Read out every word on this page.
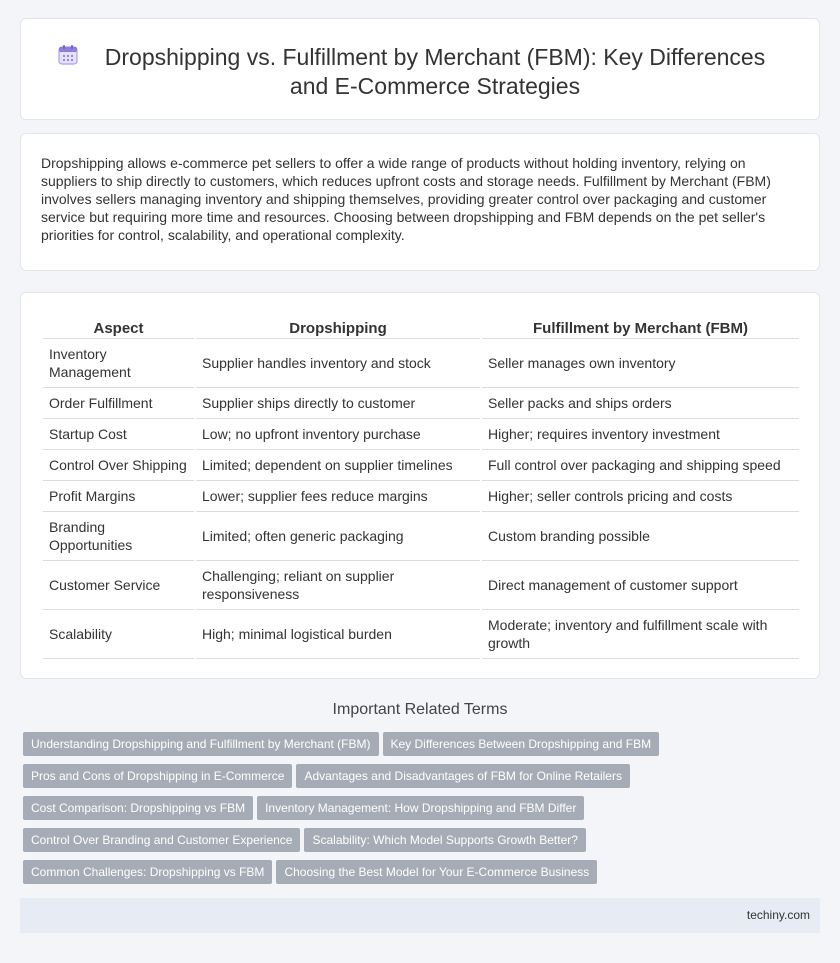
Dropshipping vs. Fulfillment by Merchant (FBM): Key Differences and E-Commerce Strategies

Dropshipping allows e-commerce pet sellers to offer a wide range of products without holding inventory, relying on suppliers to ship directly to customers, which reduces upfront costs and storage needs. Fulfillment by Merchant (FBM) involves sellers managing inventory and shipping themselves, providing greater control over packaging and customer service but requiring more time and resources. Choosing between dropshipping and FBM depends on the pet seller's priorities for control, scalability, and operational complexity.

Aspect	Dropshipping	Fulfillment by Merchant (FBM)
Inventory Management	Supplier handles inventory and stock	Seller manages own inventory
Order Fulfillment	Supplier ships directly to customer	Seller packs and ships orders
Startup Cost	Low; no upfront inventory purchase	Higher; requires inventory investment
Control Over Shipping	Limited; dependent on supplier timelines	Full control over packaging and shipping speed
Profit Margins	Lower; supplier fees reduce margins	Higher; seller controls pricing and costs
Branding Opportunities	Limited; often generic packaging	Custom branding possible
Customer Service	Challenging; reliant on supplier responsiveness	Direct management of customer support
Scalability	High; minimal logistical burden	Moderate; inventory and fulfillment scale with growth
Important Related Terms
Understanding Dropshipping and Fulfillment by Merchant (FBM) Key Differences Between Dropshipping and FBM
Pros and Cons of Dropshipping in E-Commerce Advantages and Disadvantages of FBM for Online Retailers
Cost Comparison: Dropshipping vs FBM Inventory Management: How Dropshipping and FBM Differ
Control Over Branding and Customer Experience Scalability: Which Model Supports Growth Better?
Common Challenges: Dropshipping vs FBM Choosing the Best Model for Your E-Commerce Business
techiny.com
